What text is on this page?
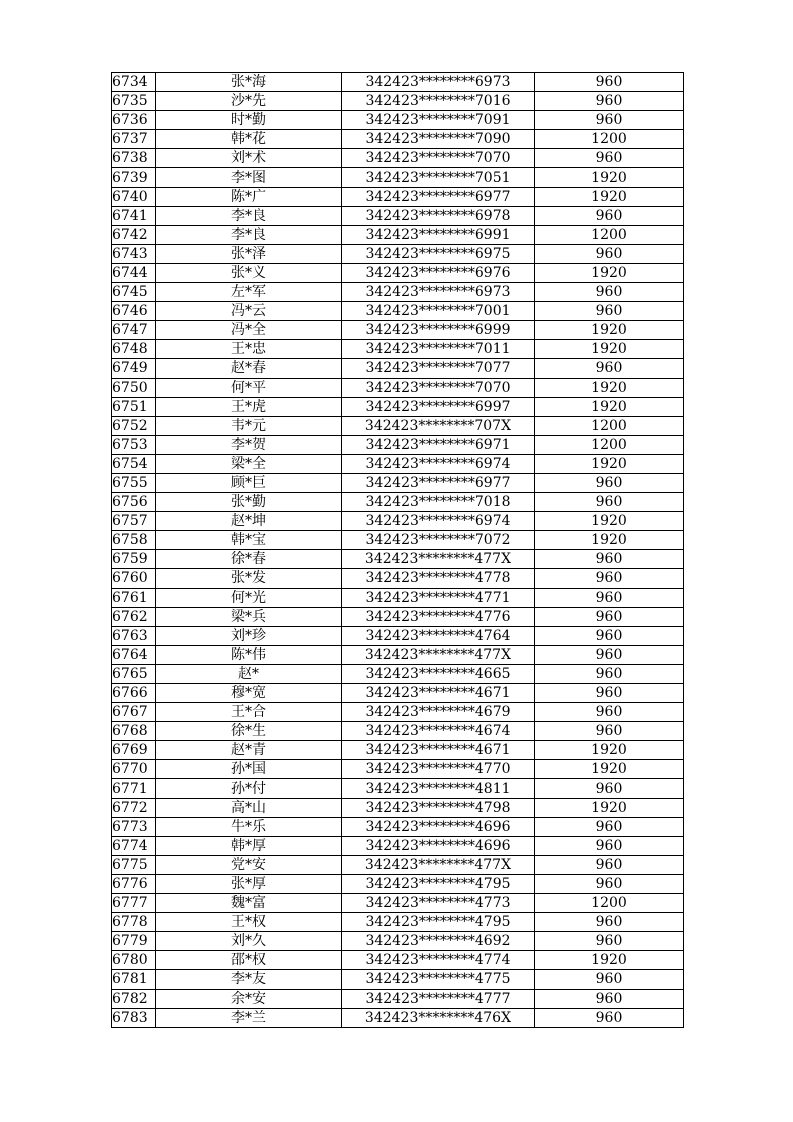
6734	张*海	342423********6973	960
6735	沙*先	342423********7016	960
6736	时*勤	342423********7091	960
6737	韩*花	342423********7090	1200
6738	刘*术	342423********7070	960
6739	李*图	342423********7051	1920
6740	陈*广	342423********6977	1920
6741	李*良	342423********6978	960
6742	李*良	342423********6991	1200
6743	张*泽	342423********6975	960
6744	张*义	342423********6976	1920
6745	左*军	342423********6973	960
6746	冯*云	342423********7001	960
6747	冯*全	342423********6999	1920
6748	王*忠	342423********7011	1920
6749	赵*春	342423********7077	960
6750	何*平	342423********7070	1920
6751	王*虎	342423********6997	1920
6752	韦*元	342423********707X	1200
6753	李*贺	342423********6971	1200
6754	梁*全	342423********6974	1920
6755	顾*巨	342423********6977	960
6756	张*勤	342423********7018	960
6757	赵*坤	342423********6974	1920
6758	韩*宝	342423********7072	1920
6759	徐*春	342423********477X	960
6760	张*发	342423********4778	960
6761	何*光	342423********4771	960
6762	梁*兵	342423********4776	960
6763	刘*珍	342423********4764	960
6764	陈*伟	342423********477X	960
6765	赵*	342423********4665	960
6766	穆*宽	342423********4671	960
6767	王*合	342423********4679	960
6768	徐*生	342423********4674	960
6769	赵*青	342423********4671	1920
6770	孙*国	342423********4770	1920
6771	孙*付	342423********4811	960
6772	高*山	342423********4798	1920
6773	牛*乐	342423********4696	960
6774	韩*厚	342423********4696	960
6775	党*安	342423********477X	960
6776	张*厚	342423********4795	960
6777	魏*富	342423********4773	1200
6778	王*权	342423********4795	960
6779	刘*久	342423********4692	960
6780	邵*权	342423********4774	1920
6781	李*友	342423********4775	960
6782	余*安	342423********4777	960
6783	李*兰	342423********476X	960
